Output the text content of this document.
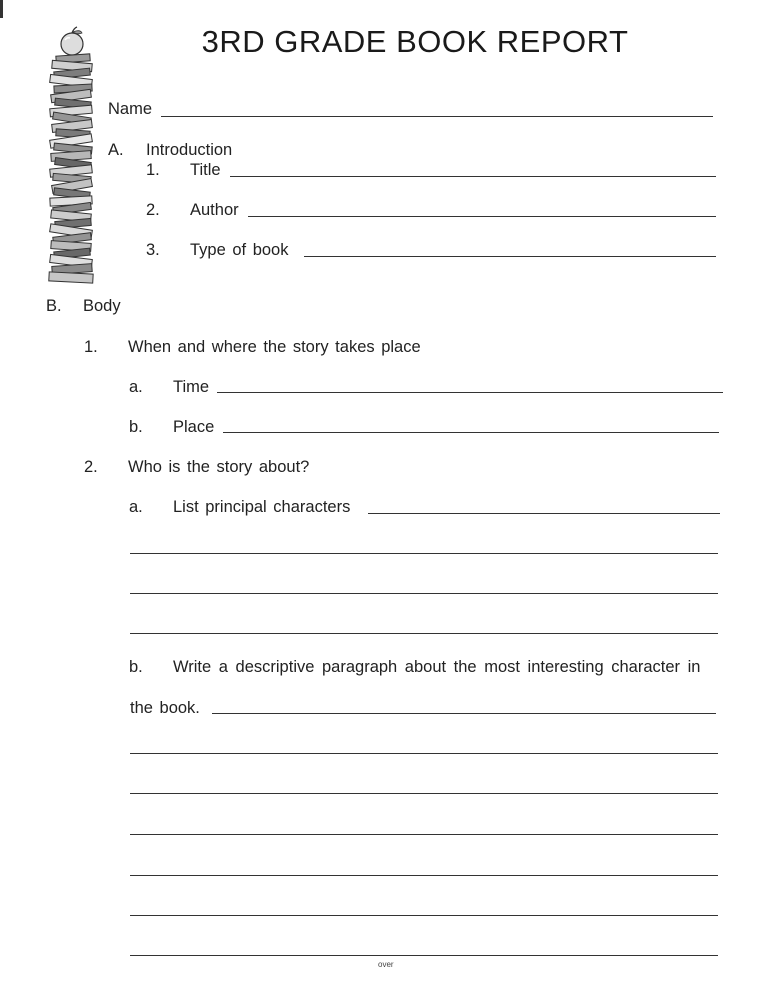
3RD GRADE BOOK REPORT
Name
A. Introduction
1. Title
2. Author
3. Type of book
B. Body
1. When and where the story takes place
a. Time
b. Place
2. Who is the story about?
a. List principal characters
b. Write a descriptive paragraph about the most interesting character in
the book.
over
